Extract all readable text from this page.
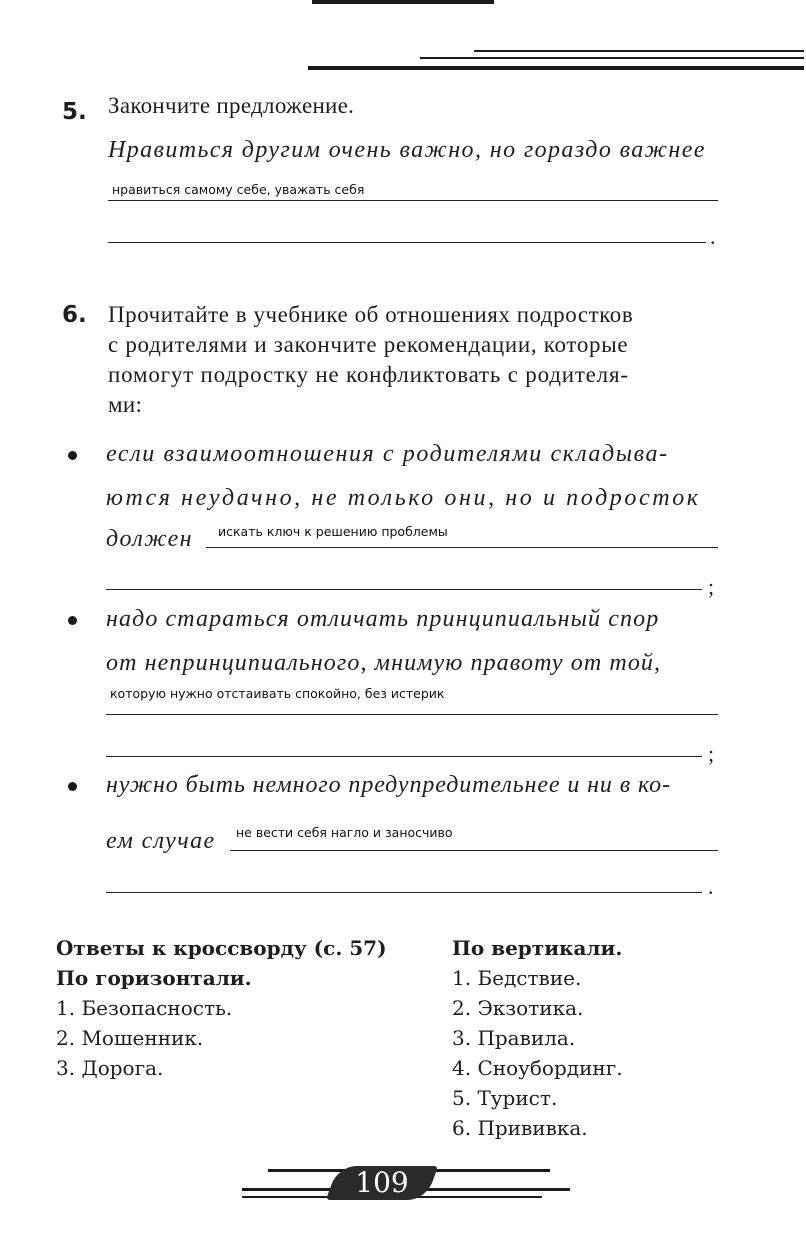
5. Закончите предложение.
Нравиться другим очень важно, но гораздо важнее
нравиться самому себе, уважать себя
.
6. Прочитайте в учебнике об отношениях подростков
с родителями и закончите рекомендации, которые
помогут подростку не конфликтовать с родителя-
ми:
если взаимоотношения с родителями складыва-
ются неудачно, не только они, но и подросток
должен искать ключ к решению проблемы
;
надо стараться отличать принципиальный спор
от непринципиального, мнимую правоту от той,
которую нужно отстаивать спокойно, без истерик
;
нужно быть немного предупредительнее и ни в ко-
ем случае не вести себя нагло и заносчиво
.
Ответы к кроссворду (с. 57)
По горизонтали.
1. Безопасность.
2. Мошенник.
3. Дорога.
По вертикали.
1. Бедствие.
2. Экзотика.
3. Правила.
4. Сноубординг.
5. Турист.
6. Прививка.
109
